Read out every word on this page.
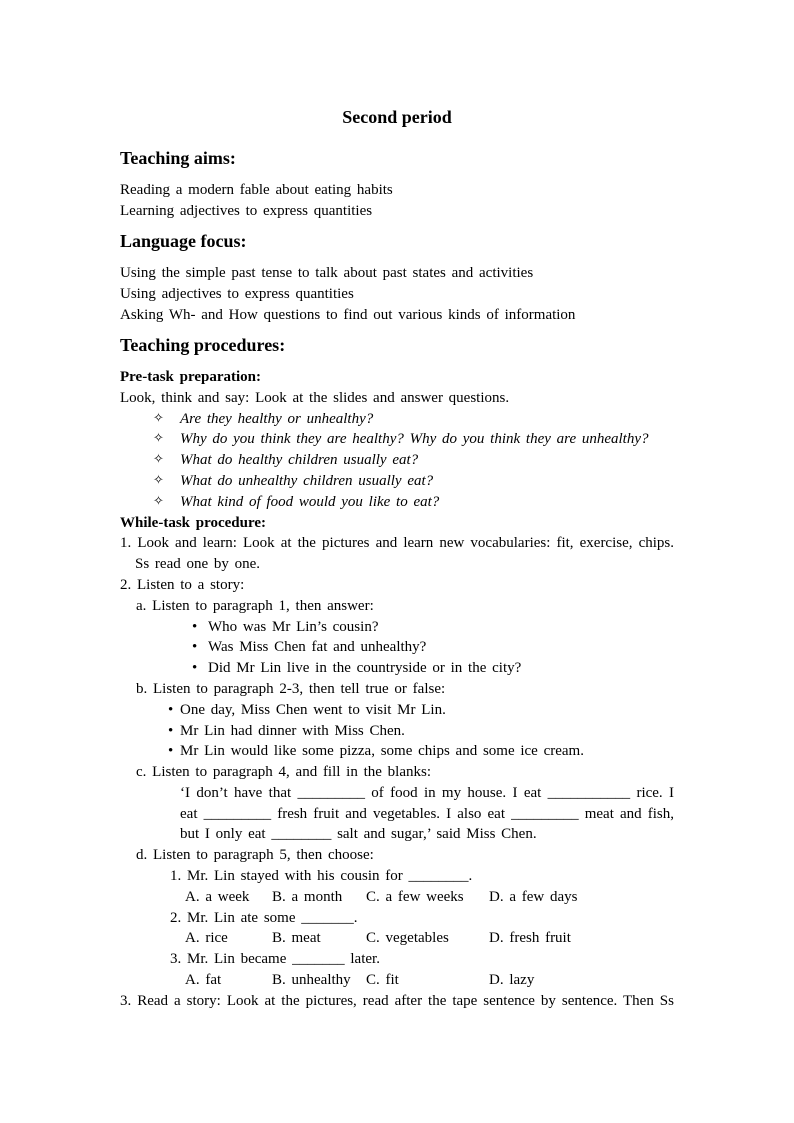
Second period
Teaching aims:
Reading a modern fable about eating habits
Learning adjectives to express quantities
Language focus:
Using the simple past tense to talk about past states and activities
Using adjectives to express quantities
Asking Wh- and How questions to find out various kinds of information
Teaching procedures:
Pre-task preparation:
Look, think and say: Look at the slides and answer questions.
✧
Are they healthy or unhealthy?
✧
Why do you think they are healthy? Why do you think they are unhealthy?
✧
What do healthy children usually eat?
✧
What do unhealthy children usually eat?
✧
What kind of food would you like to eat?
While-task procedure:
1. Look and learn: Look at the pictures and learn new vocabularies: fit, exercise, chips.
Ss read one by one.
2. Listen to a story:
a. Listen to paragraph 1, then answer:
•
Who was Mr Lin’s cousin?
•
Was Miss Chen fat and unhealthy?
•
Did Mr Lin live in the countryside or in the city?
b. Listen to paragraph 2-3, then tell true or false:
•
One day, Miss Chen went to visit Mr Lin.
•
Mr Lin had dinner with Miss Chen.
•
Mr Lin would like some pizza, some chips and some ice cream.
c. Listen to paragraph 4, and fill in the blanks:
‘I don’t have that _________ of food in my house. I eat ___________ rice. I
eat _________ fresh fruit and vegetables. I also eat _________ meat and fish,
but I only eat ________ salt and sugar,’ said Miss Chen.
d. Listen to paragraph 5, then choose:
1. Mr. Lin stayed with his cousin for ________.
A. a week	B. a month	C. a few weeks	D. a few days
2. Mr. Lin ate some _______.
A. rice	B. meat	C. vegetables	D. fresh fruit
3. Mr. Lin became _______ later.
A. fat	B. unhealthy	C. fit	D. lazy
3. Read a story: Look at the pictures, read after the tape sentence by sentence. Then Ss
